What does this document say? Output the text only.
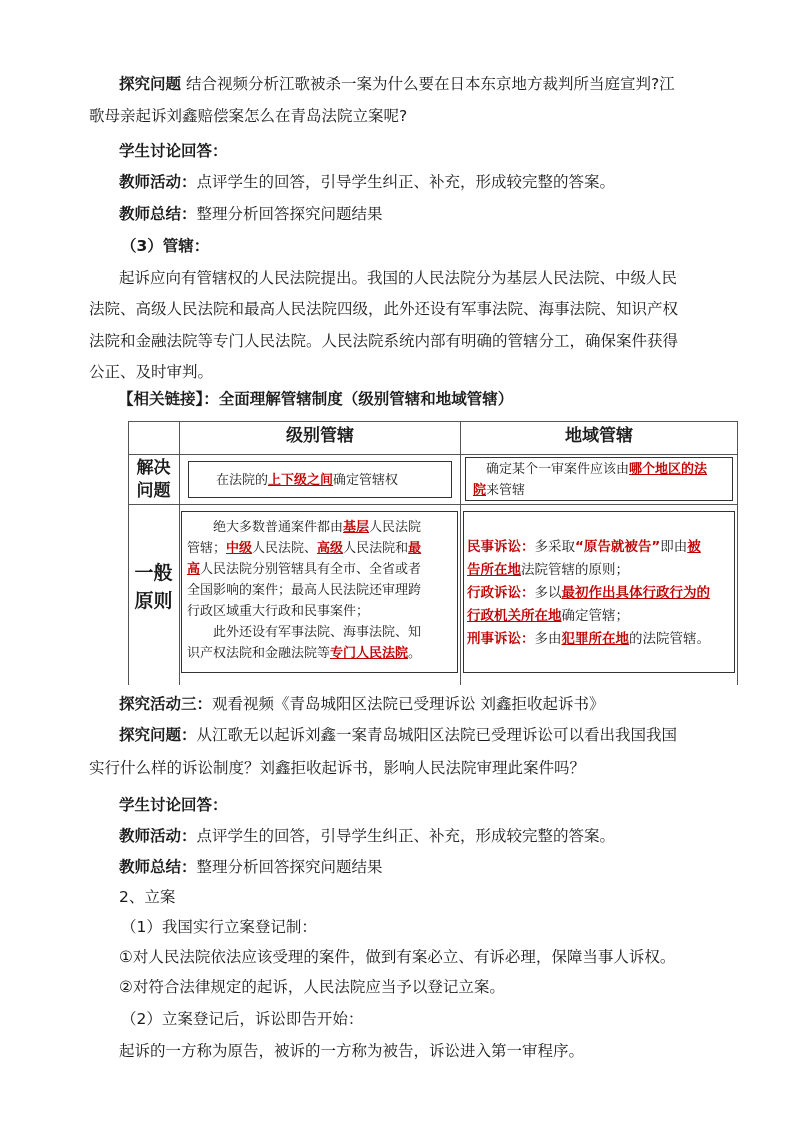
探究问题 结合视频分析江歌被杀一案为什么要在日本东京地方裁判所当庭宣判?江
歌母亲起诉刘鑫赔偿案怎么在青岛法院立案呢?
学生讨论回答：
教师活动：点评学生的回答，引导学生纠正、补充，形成较完整的答案。
教师总结：整理分析回答探究问题结果
（3）管辖：
起诉应向有管辖权的人民法院提出。我国的人民法院分为基层人民法院、中级人民
法院、高级人民法院和最高人民法院四级，此外还设有军事法院、海事法院、知识产权
法院和金融法院等专门人民法院。人民法院系统内部有明确的管辖分工，确保案件获得
公正、及时审判。
【相关链接】：全面理解管辖制度（级别管辖和地域管辖）
级别管辖	地域管辖
解决
问题
在法院的上下级之间确定管辖权
　确定某个一审案件应该由哪个地区的法
院来管辖
一般
原则
　　绝大多数普通案件都由基层人民法院
管辖；中级人民法院、高级人民法院和最
高人民法院分别管辖具有全市、全省或者
全国影响的案件；最高人民法院还审理跨
行政区域重大行政和民事案件；
　　此外还设有军事法院、海事法院、知
识产权法院和金融法院等专门人民法院。
民事诉讼：多采取“原告就被告”即由被
告所在地法院管辖的原则；
行政诉讼：多以最初作出具体行政行为的
行政机关所在地确定管辖；
刑事诉讼：多由犯罪所在地的法院管辖。
探究活动三：观看视频《青岛城阳区法院已受理诉讼 刘鑫拒收起诉书》
探究问题：从江歌无以起诉刘鑫一案青岛城阳区法院已受理诉讼可以看出我国我国
实行什么样的诉讼制度？刘鑫拒收起诉书，影响人民法院审理此案件吗？
学生讨论回答：
教师活动：点评学生的回答，引导学生纠正、补充，形成较完整的答案。
教师总结：整理分析回答探究问题结果
2、立案
（1）我国实行立案登记制：
①对人民法院依法应该受理的案件，做到有案必立、有诉必理，保障当事人诉权。
②对符合法律规定的起诉，人民法院应当予以登记立案。
（2）立案登记后，诉讼即告开始：
起诉的一方称为原告，被诉的一方称为被告，诉讼进入第一审程序。
